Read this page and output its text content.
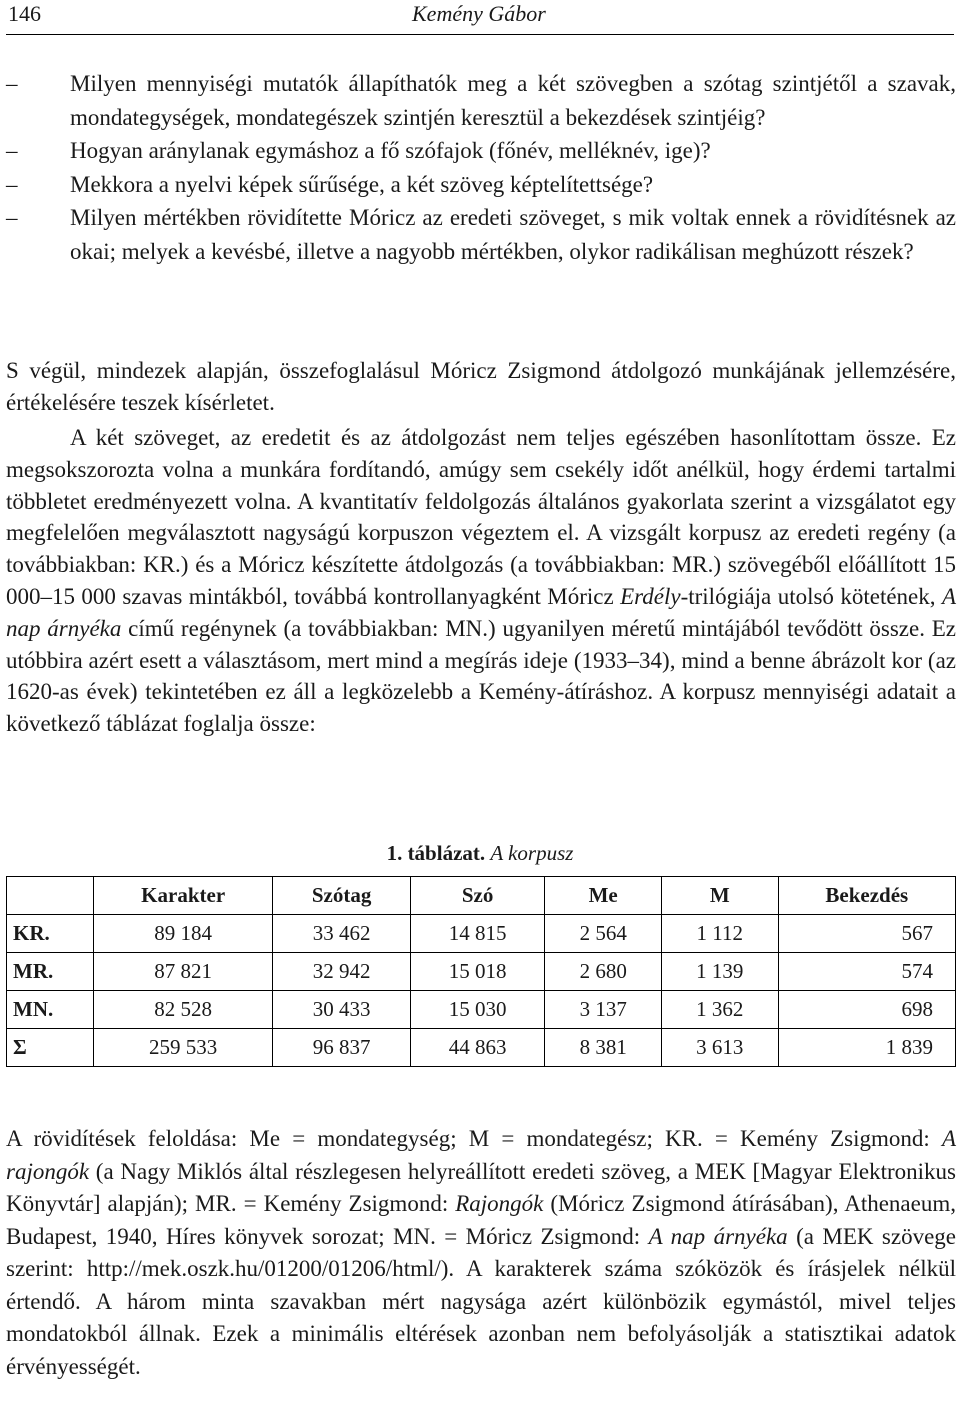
146	Kemény Gábor
– Milyen mennyiségi mutatók állapíthatók meg a két szövegben a szótag szintjétől a szavak, mondategységek, mondategészek szintjén keresztül a bekezdések szintjéig?
– Hogyan aránylanak egymáshoz a fő szófajok (főnév, melléknév, ige)?
– Mekkora a nyelvi képek sűrűsége, a két szöveg képtelítettsége?
– Milyen mértékben rövidítette Móricz az eredeti szöveget, s mik voltak ennek a rövidítésnek az okai; melyek a kevésbé, illetve a nagyobb mértékben, olykor radikálisan meghúzott részek?

S végül, mindezek alapján, összefoglalásul Móricz Zsigmond átdolgozó munkájának jellemzésére, értékelésére teszek kísérletet.

A két szöveget, az eredetit és az átdolgozást nem teljes egészében hasonlítottam össze. Ez megsokszorozta volna a munkára fordítandó, amúgy sem csekély időt anélkül, hogy érdemi tartalmi többletet eredményezett volna. A kvantitatív feldolgozás általános gyakorlata szerint a vizsgálatot egy megfelelően megválasztott nagyságú korpuszon végeztem el. A vizsgált korpusz az eredeti regény (a továbbiakban: KR.) és a Móricz készítette átdolgozás (a továbbiakban: MR.) szövegéből előállított 15 000–15 000 szavas mintákból, továbbá kontrollanyagként Móricz Erdély-trilógiája utolsó kötetének, A nap árnyéka című regénynek (a továbbiakban: MN.) ugyanilyen méretű mintájából tevődött össze. Ez utóbbira azért esett a választásom, mert mind a megírás ideje (1933–34), mind a benne ábrázolt kor (az 1620-as évek) tekintetében ez áll a legközelebb a Kemény-átíráshoz. A korpusz mennyiségi adatait a következő táblázat foglalja össze:

1. táblázat. A korpusz
	Karakter	Szótag	Szó	Me	M	Bekezdés
KR.	89 184	33 462	14 815	2 564	1 112	567
MR.	87 821	32 942	15 018	2 680	1 139	574
MN.	82 528	30 433	15 030	3 137	1 362	698
Σ	259 533	96 837	44 863	8 381	3 613	1 839

A rövidítések feloldása: Me = mondategység; M = mondategész; KR. = Kemény Zsigmond: A rajongók (a Nagy Miklós által részlegesen helyreállított eredeti szöveg, a MEK [Magyar Elektronikus Könyvtár] alapján); MR. = Kemény Zsigmond: Rajongók (Móricz Zsigmond átírásában), Athenaeum, Budapest, 1940, Híres könyvek sorozat; MN. = Móricz Zsigmond: A nap árnyéka (a MEK szövege szerint: http://mek.oszk.hu/01200/01206/html/). A karakterek száma szóközök és írásjelek nélkül értendő. A három minta szavakban mért nagysága azért különbözik egymástól, mivel teljes mondatokból állnak. Ezek a minimális eltérések azonban nem befolyásolják a statisztikai adatok érvényességét.
